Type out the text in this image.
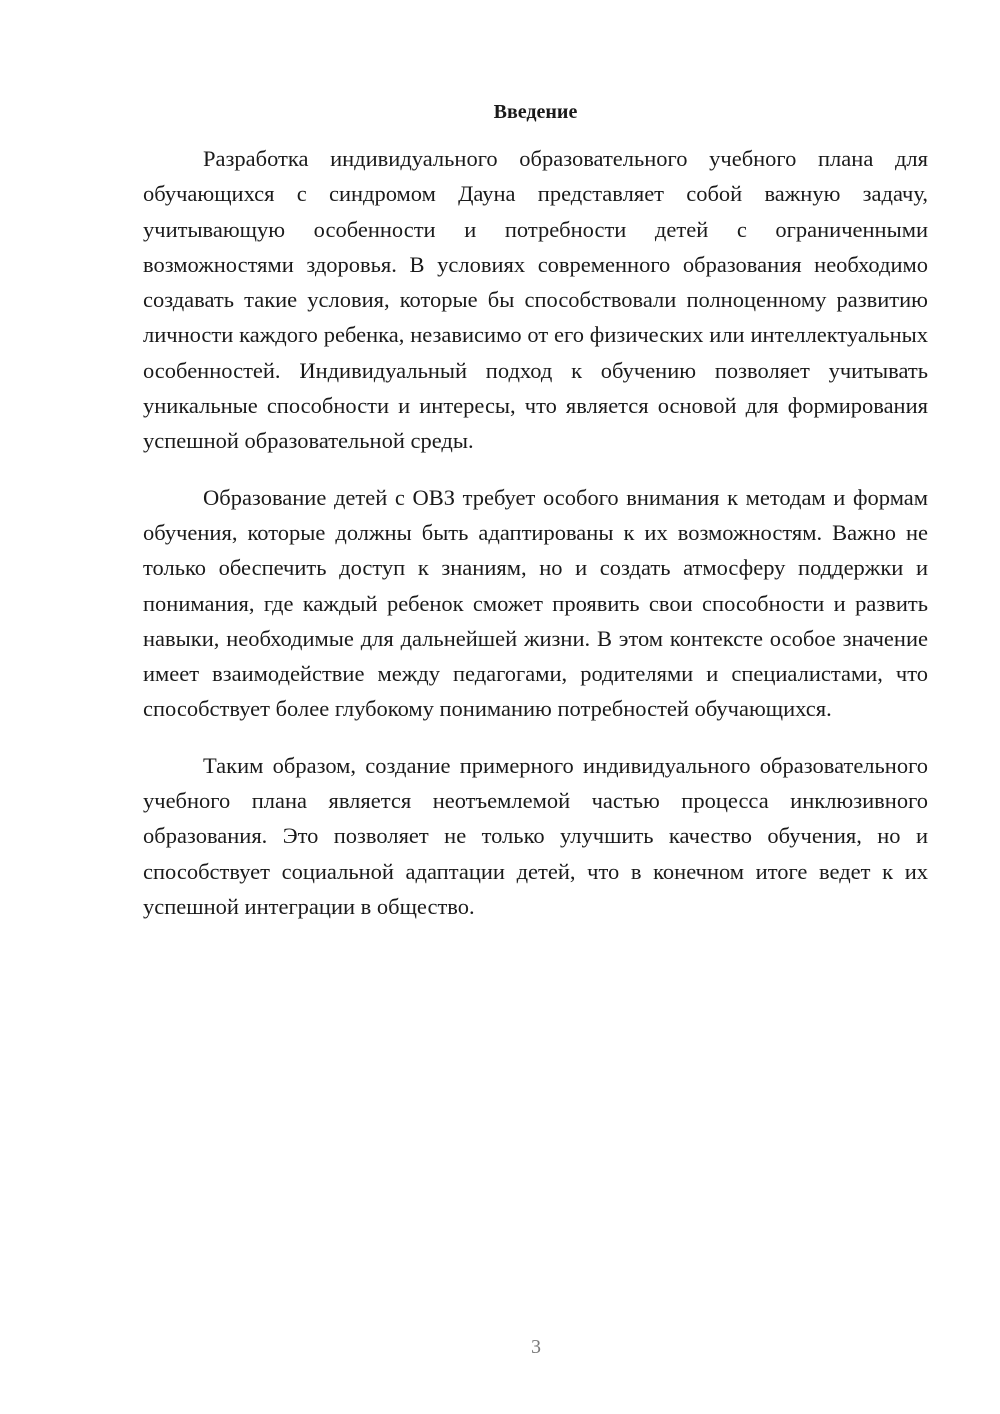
Введение

Разработка индивидуального образовательного учебного плана для обучающихся с синдромом Дауна представляет собой важную задачу, учитывающую особенности и потребности детей с ограниченными возможностями здоровья. В условиях современного образования необходимо создавать такие условия, которые бы способствовали полноценному развитию личности каждого ребенка, независимо от его физических или интеллектуальных особенностей. Индивидуальный подход к обучению позволяет учитывать уникальные способности и интересы, что является основой для формирования успешной образовательной среды.

Образование детей с ОВЗ требует особого внимания к методам и формам обучения, которые должны быть адаптированы к их возможностям. Важно не только обеспечить доступ к знаниям, но и создать атмосферу поддержки и понимания, где каждый ребенок сможет проявить свои способности и развить навыки, необходимые для дальнейшей жизни. В этом контексте особое значение имеет взаимодействие между педагогами, родителями и специалистами, что способствует более глубокому пониманию потребностей обучающихся.

Таким образом, создание примерного индивидуального образовательного учебного плана является неотъемлемой частью процесса инклюзивного образования. Это позволяет не только улучшить качество обучения, но и способствует социальной адаптации детей, что в конечном итоге ведет к их успешной интеграции в общество.

3
